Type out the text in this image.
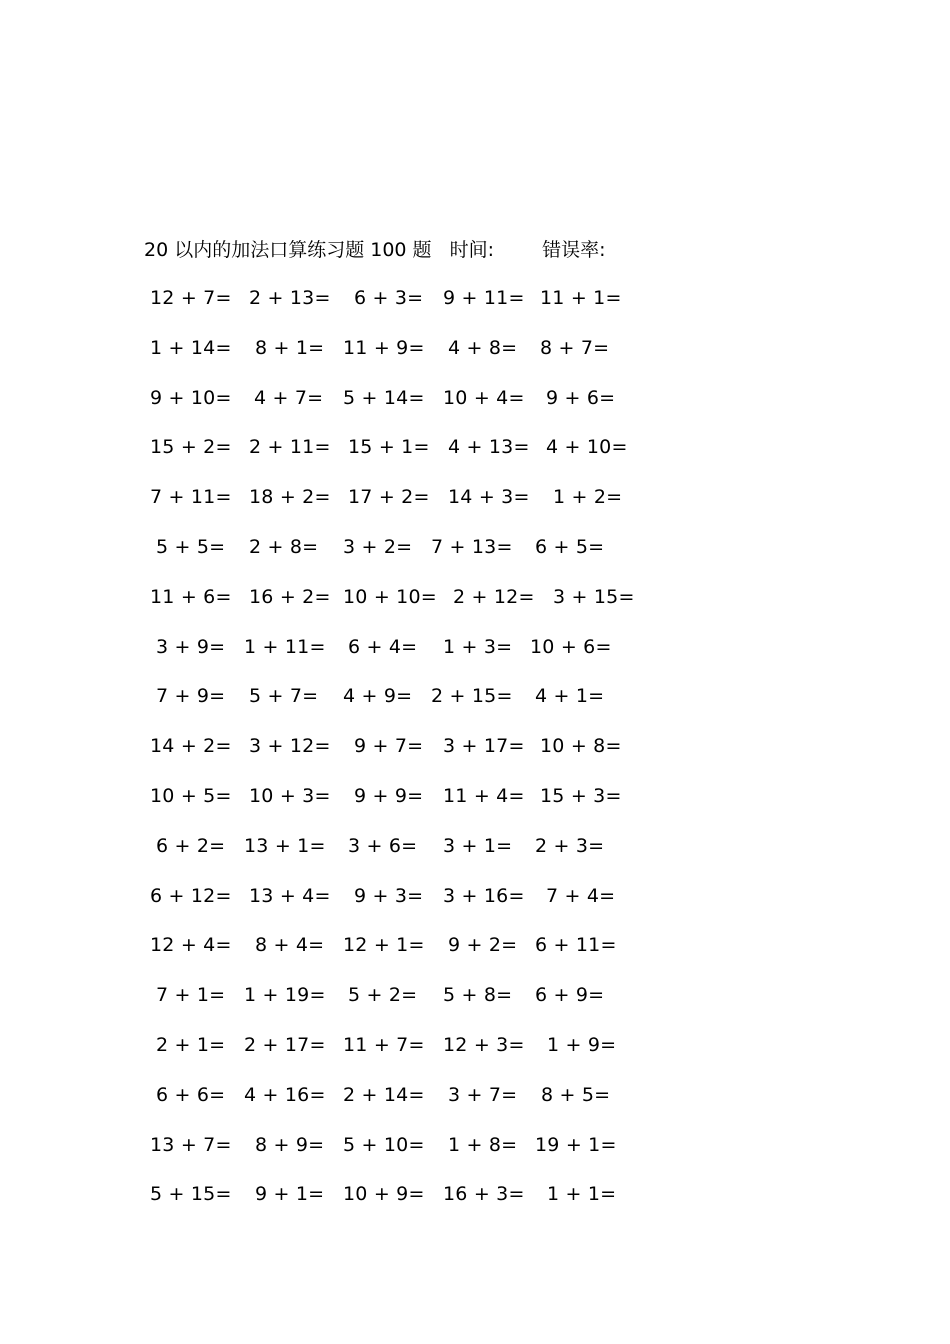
20 以内的加法口算练习题 100 题 时间:	错误率:
12 + 7= 2 + 13= 6 + 3= 9 + 11= 11 + 1=
1 + 14= 8 + 1= 11 + 9= 4 + 8= 8 + 7=
9 + 10= 4 + 7= 5 + 14= 10 + 4= 9 + 6=
15 + 2= 2 + 11= 15 + 1= 4 + 13= 4 + 10=
7 + 11= 18 + 2= 17 + 2= 14 + 3= 1 + 2=
5 + 5= 2 + 8= 3 + 2= 7 + 13= 6 + 5=
11 + 6= 16 + 2= 10 + 10= 2 + 12= 3 + 15=
3 + 9= 1 + 11= 6 + 4= 1 + 3= 10 + 6=
7 + 9= 5 + 7= 4 + 9= 2 + 15= 4 + 1=
14 + 2= 3 + 12= 9 + 7= 3 + 17= 10 + 8=
10 + 5= 10 + 3= 9 + 9= 11 + 4= 15 + 3=
6 + 2= 13 + 1= 3 + 6= 3 + 1= 2 + 3=
6 + 12= 13 + 4= 9 + 3= 3 + 16= 7 + 4=
12 + 4= 8 + 4= 12 + 1= 9 + 2= 6 + 11=
7 + 1= 1 + 19= 5 + 2= 5 + 8= 6 + 9=
2 + 1= 2 + 17= 11 + 7= 12 + 3= 1 + 9=
6 + 6= 4 + 16= 2 + 14= 3 + 7= 8 + 5=
13 + 7= 8 + 9= 5 + 10= 1 + 8= 19 + 1=
5 + 15= 9 + 1= 10 + 9= 16 + 3= 1 + 1=
